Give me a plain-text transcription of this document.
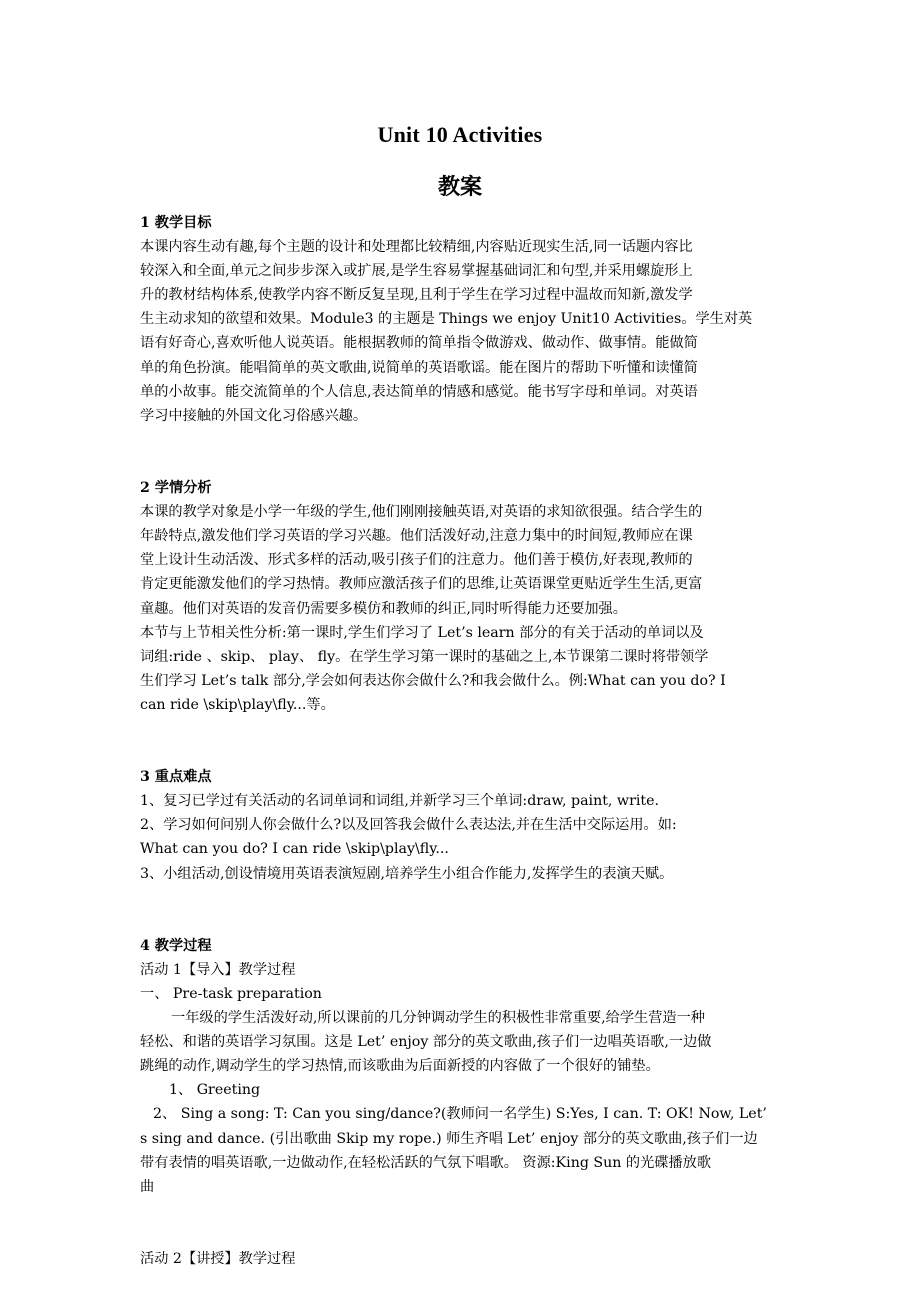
Unit 10 Activities
教案
1 教学目标
本课内容生动有趣,每个主题的设计和处理都比较精细,内容贴近现实生活,同一话题内容比
较深入和全面,单元之间步步深入或扩展,是学生容易掌握基础词汇和句型,并采用螺旋形上
升的教材结构体系,使教学内容不断反复呈现,且利于学生在学习过程中温故而知新,激发学
生主动求知的欲望和效果。Module3 的主题是 Things we enjoy Unit10 Activities。学生对英
语有好奇心,喜欢听他人说英语。能根据教师的简单指令做游戏、做动作、做事情。能做简
单的角色扮演。能唱简单的英文歌曲,说简单的英语歌谣。能在图片的帮助下听懂和读懂简
单的小故事。能交流简单的个人信息,表达简单的情感和感觉。能书写字母和单词。对英语
学习中接触的外国文化习俗感兴趣。
2 学情分析
本课的教学对象是小学一年级的学生,他们刚刚接触英语,对英语的求知欲很强。结合学生的
年龄特点,激发他们学习英语的学习兴趣。他们活泼好动,注意力集中的时间短,教师应在课
堂上设计生动活泼、形式多样的活动,吸引孩子们的注意力。他们善于模仿,好表现,教师的
肯定更能激发他们的学习热情。教师应激活孩子们的思维,让英语课堂更贴近学生生活,更富
童趣。他们对英语的发音仍需要多模仿和教师的纠正,同时听得能力还要加强。
本节与上节相关性分析:第一课时,学生们学习了 Let’s learn 部分的有关于活动的单词以及
词组:ride 、skip、 play、 fly。在学生学习第一课时的基础之上,本节课第二课时将带领学
生们学习 Let’s talk 部分,学会如何表达你会做什么?和我会做什么。例:What can you do? I
can ride \skip\play\fly...等。
3 重点难点
1、复习已学过有关活动的名词单词和词组,并新学习三个单词:draw, paint, write.
2、学习如何问别人你会做什么?以及回答我会做什么表达法,并在生活中交际运用。如:
What can you do? I can ride \skip\play\fly...
3、小组活动,创设情境用英语表演短剧,培养学生小组合作能力,发挥学生的表演天赋。
4 教学过程
活动 1【导入】教学过程
一、 Pre-task preparation
一年级的学生活泼好动,所以课前的几分钟调动学生的积极性非常重要,给学生营造一种
轻松、和谐的英语学习氛围。这是 Let’ enjoy 部分的英文歌曲,孩子们一边唱英语歌,一边做
跳绳的动作,调动学生的学习热情,而该歌曲为后面新授的内容做了一个很好的铺垫。
1、 Greeting
2、 Sing a song: T: Can you sing/dance?(教师问一名学生) S:Yes, I can. T: OK! Now, Let’
s sing and dance. (引出歌曲 Skip my rope.) 师生齐唱 Let’ enjoy 部分的英文歌曲,孩子们一边
带有表情的唱英语歌,一边做动作,在轻松活跃的气氛下唱歌。 资源:King Sun 的光碟播放歌
曲
活动 2【讲授】教学过程
